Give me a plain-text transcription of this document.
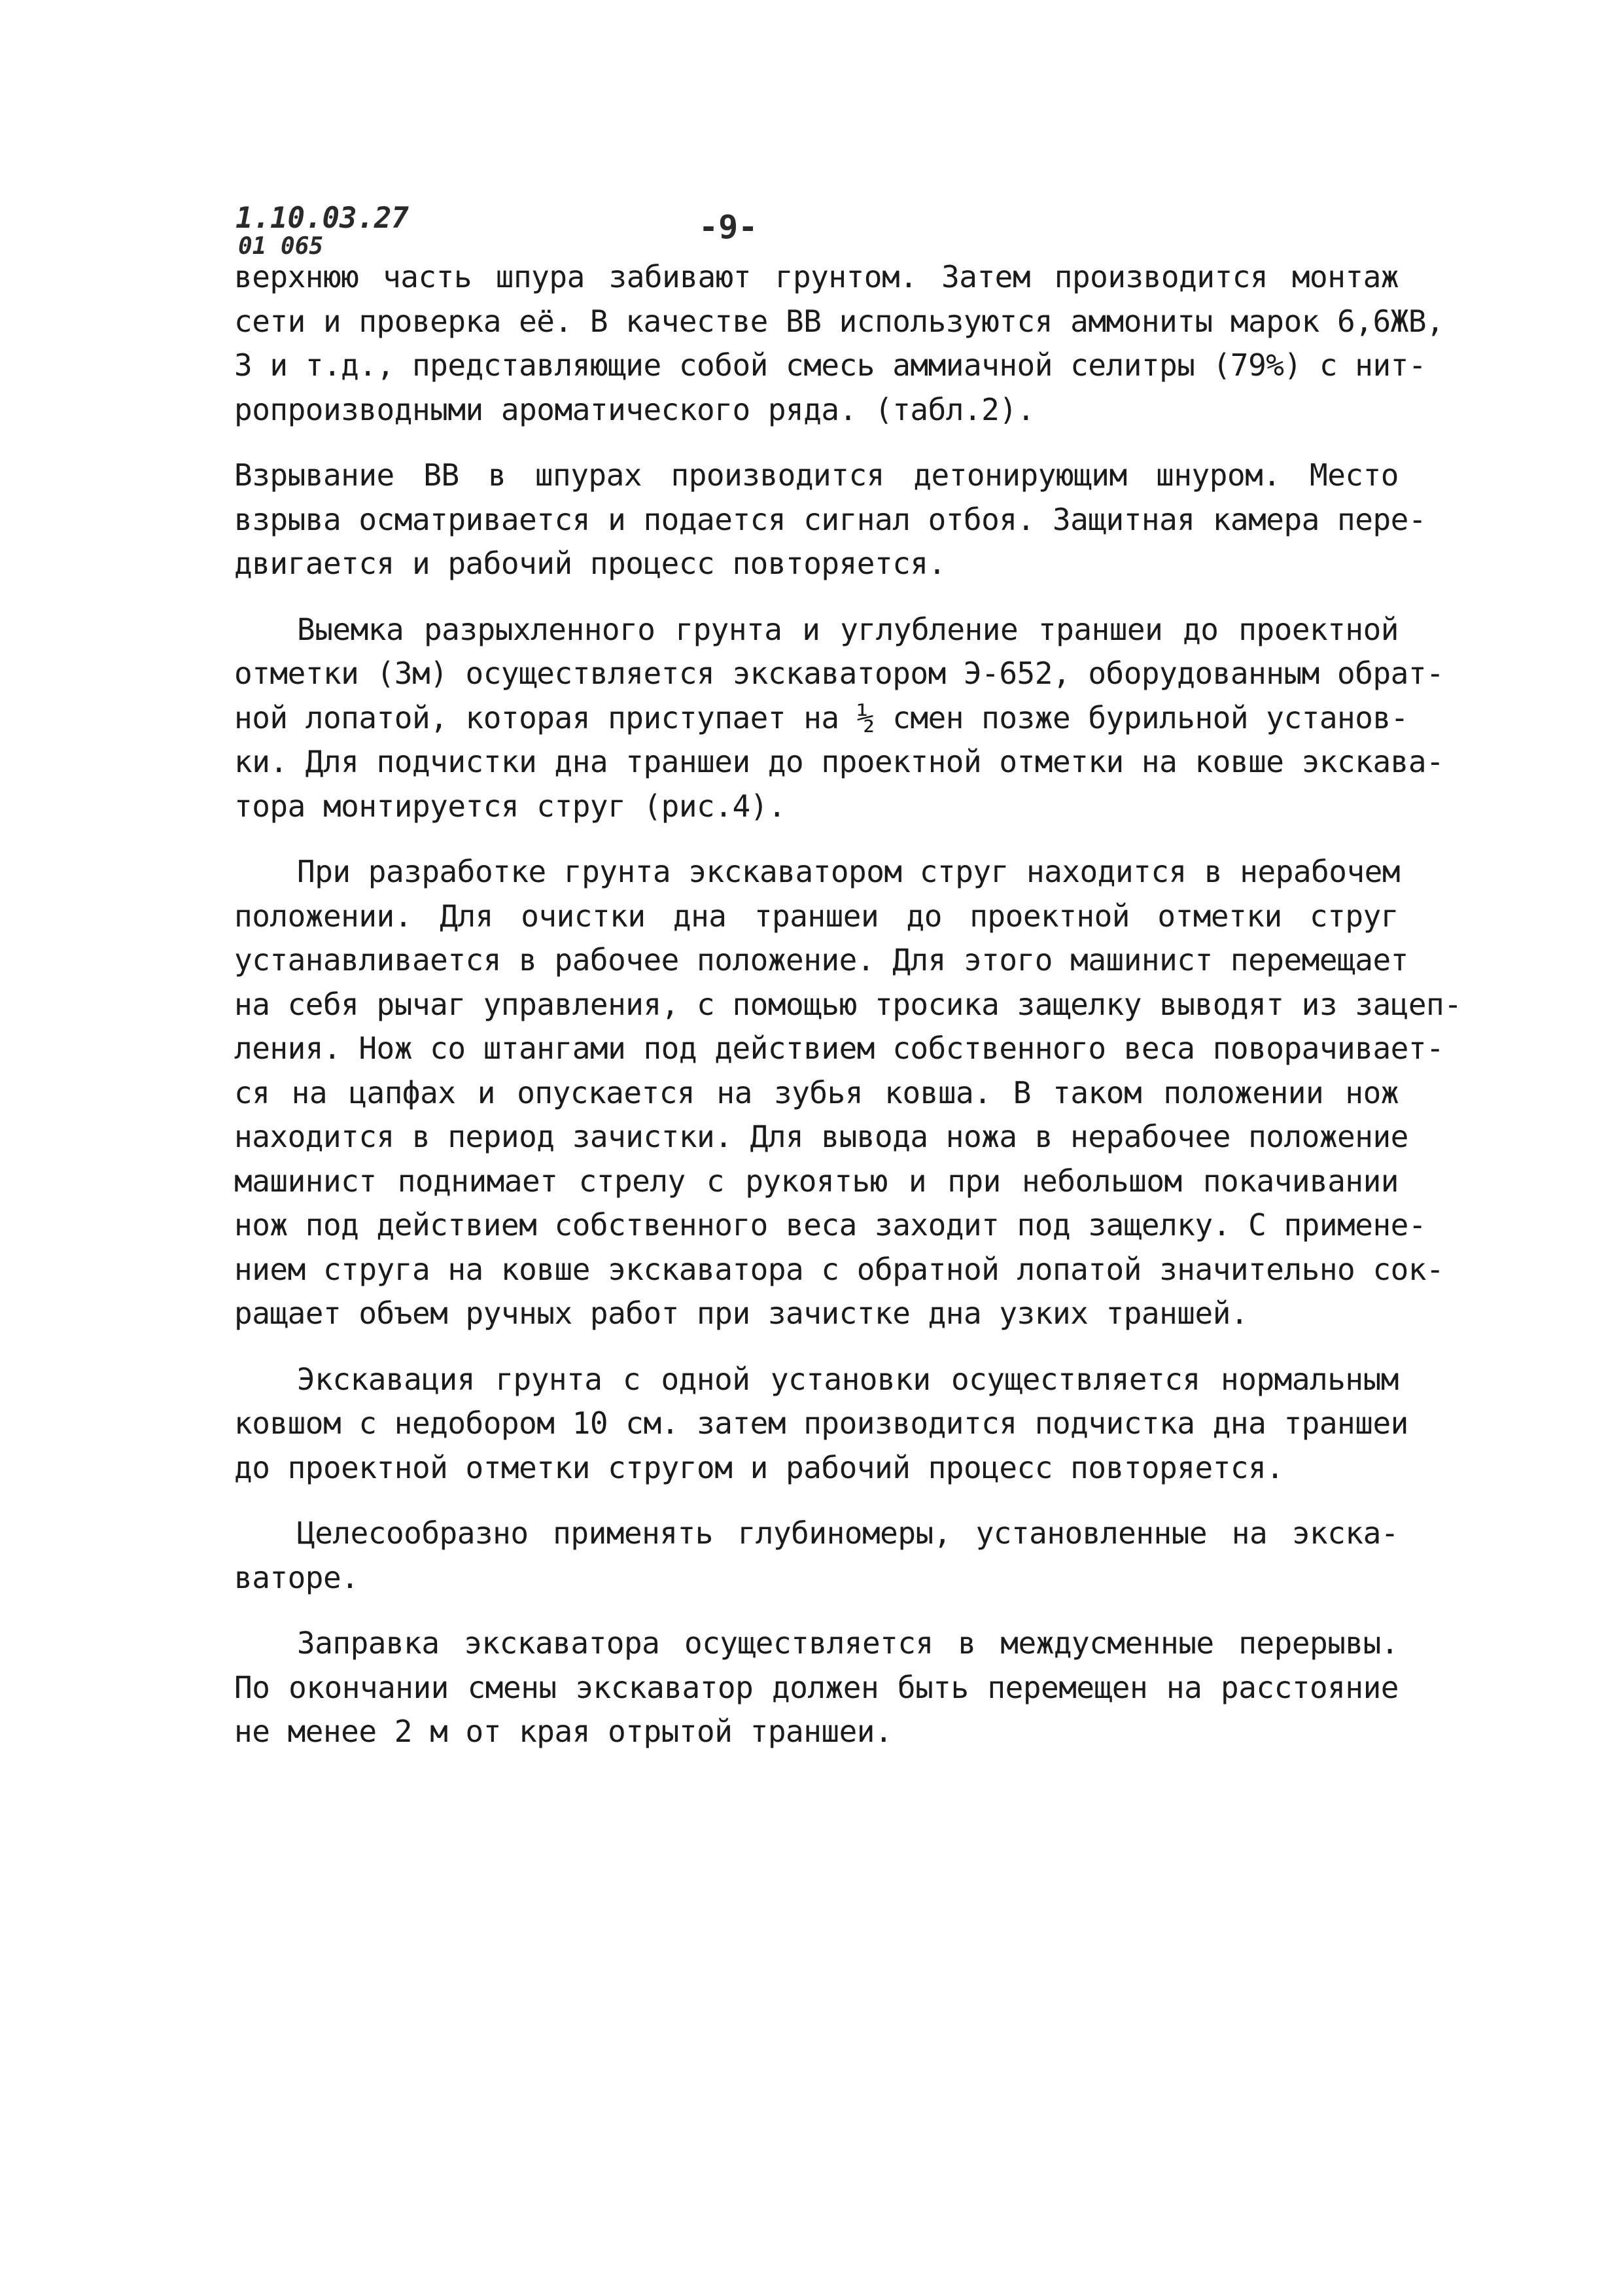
1.10.03.27
01 065
-9-
верхнюю часть шпура забивают грунтом. Затем производится монтаж
сети и проверка её. В качестве ВВ используются аммониты марок 6,6ЖВ,
3 и т.д., представляющие собой смесь аммиачной селитры (79%) с нит-
ропроизводными ароматического ряда. (табл.2).
Взрывание ВВ в шпурах производится детонирующим шнуром. Место
взрыва осматривается и подается сигнал отбоя. Защитная камера пере-
двигается и рабочий процесс повторяется.
Выемка разрыхленного грунта и углубление траншеи до проектной
отметки (3м) осуществляется экскаватором Э-652, оборудованным обрат-
ной лопатой, которая приступает на ½ смен позже бурильной установ-
ки. Для подчистки дна траншеи до проектной отметки на ковше экскава-
тора монтируется струг (рис.4).
При разработке грунта экскаватором струг находится в нерабочем
положении. Для очистки дна траншеи до проектной отметки струг
устанавливается в рабочее положение. Для этого машинист перемещает
на себя рычаг управления, с помощью тросика защелку выводят из зацеп-
ления. Нож со штангами под действием собственного веса поворачивает-
ся на цапфах и опускается на зубья ковша. В таком положении нож
находится в период зачистки. Для вывода ножа в нерабочее положение
машинист поднимает стрелу с рукоятью и при небольшом покачивании
нож под действием собственного веса заходит под защелку. С примене-
нием струга на ковше экскаватора с обратной лопатой значительно сок-
ращает объем ручных работ при зачистке дна узких траншей.
Экскавация грунта с одной установки осуществляется нормальным
ковшом с недобором 10 см. затем производится подчистка дна траншеи
до проектной отметки стругом и рабочий процесс повторяется.
Целесообразно применять глубиномеры, установленные на экска-
ваторе.
Заправка экскаватора осуществляется в междусменные перерывы.
По окончании смены экскаватор должен быть перемещен на расстояние
не менее 2 м от края отрытой траншеи.
